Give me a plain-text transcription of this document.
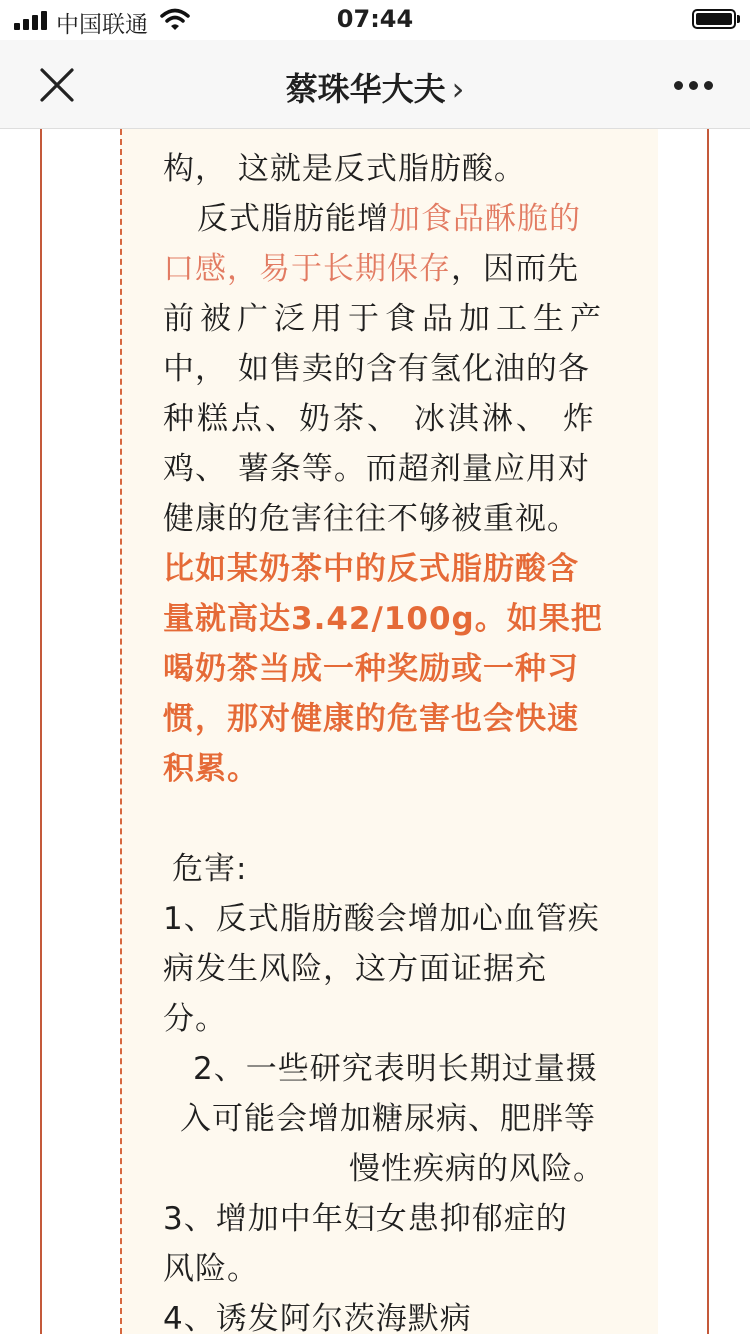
中国联通	07:44
蔡珠华大夫 ›
构， 这就是反式脂肪酸。
反式脂肪能增加食品酥脆的
口感，易于长期保存，因而先
前被广泛用于食品加工生产
中， 如售卖的含有氢化油的各
种糕点、奶茶、 冰淇淋、 炸
鸡、 薯条等。而超剂量应用对
健康的危害往往不够被重视。
比如某奶茶中的反式脂肪酸含
量就高达3.42/100g。如果把
喝奶茶当成一种奖励或一种习
惯，那对健康的危害也会快速
积累。
危害:
1、反式脂肪酸会增加心血管疾
病发生风险，这方面证据充
分。
2、一些研究表明长期过量摄
入可能会增加糖尿病、肥胖等
慢性疾病的风险。
3、增加中年妇女患抑郁症的
风险。
4、诱发阿尔茨海默病
